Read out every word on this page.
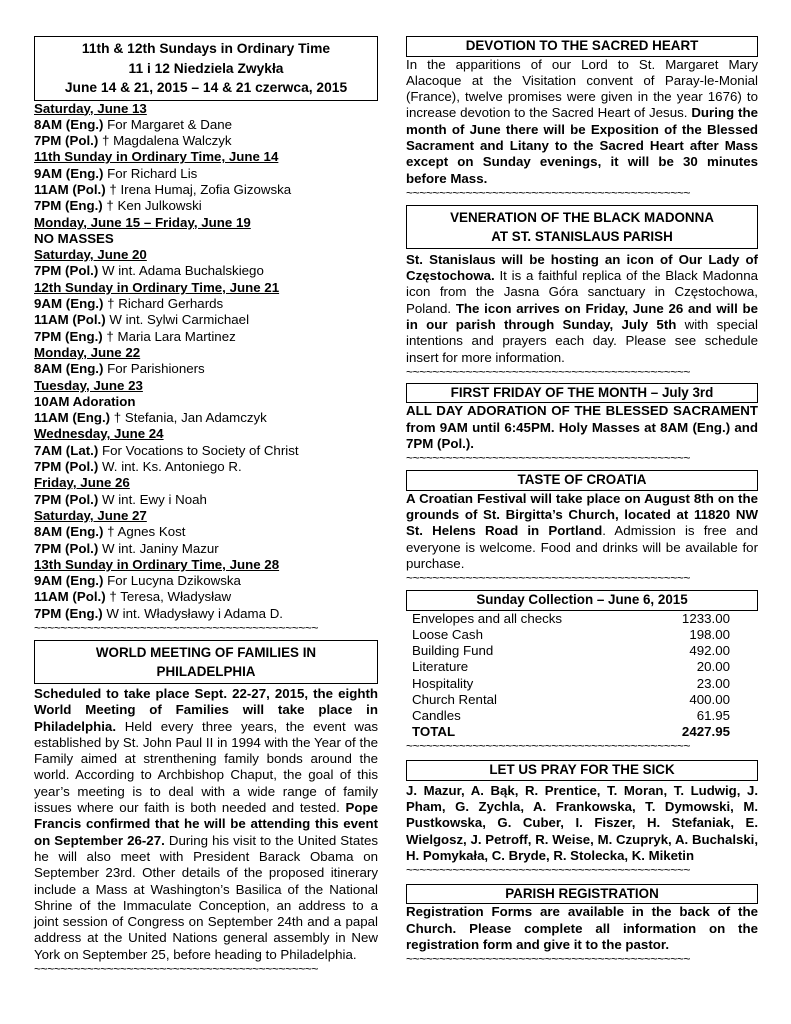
11th & 12th Sundays in Ordinary Time
11 i 12 Niedziela Zwykła
June 14 & 21, 2015 – 14 & 21 czerwca, 2015
Saturday, June 13
8AM (Eng.) For Margaret & Dane
7PM (Pol.) † Magdalena Walczyk
11th Sunday in Ordinary Time, June 14
9AM (Eng.) For Richard Lis
11AM (Pol.) † Irena Humaj, Zofia Gizowska
7PM (Eng.) † Ken Julkowski
Monday, June 15 – Friday, June 19
NO MASSES
Saturday, June 20
7PM (Pol.) W int. Adama Buchalskiego
12th Sunday in Ordinary Time, June 21
9AM (Eng.) † Richard Gerhards
11AM (Pol.) W int. Sylwi Carmichael
7PM (Eng.) † Maria Lara Martinez
Monday, June 22
8AM (Eng.) For Parishioners
Tuesday, June 23
10AM Adoration
11AM (Eng.) † Stefania, Jan Adamczyk
Wednesday, June 24
7AM (Lat.) For Vocations to Society of Christ
7PM (Pol.) W. int. Ks. Antoniego R.
Friday, June 26
7PM (Pol.) W int. Ewy i Noah
Saturday, June 27
8AM (Eng.) † Agnes Kost
7PM (Pol.) W int. Janiny Mazur
13th Sunday in Ordinary Time, June 28
9AM (Eng.) For Lucyna Dzikowska
11AM (Pol.) † Teresa, Władysław
7PM (Eng.) W int. Władysławy i Adama D.
~~~~~~~~~~~~~~~~~~~~~~~~~~~~~~~~~~~~~~~~~~~
WORLD MEETING OF FAMILIES IN
PHILADELPHIA

Scheduled to take place Sept. 22-27, 2015, the eighth World Meeting of Families will take place in Philadelphia. Held every three years, the event was established by St. John Paul II in 1994 with the Year of the Family aimed at strenthening family bonds around the world. According to Archbishop Chaput, the goal of this year’s meeting is to deal with a wide range of family issues where our faith is both needed and tested. Pope Francis confirmed that he will be attending this event on September 26-27. During his visit to the United States he will also meet with President Barack Obama on September 23rd. Other details of the proposed itinerary include a Mass at Washington’s Basilica of the National Shrine of the Immaculate Conception, an address to a joint session of Congress on September 24th and a papal address at the United Nations general assembly in New York on September 25, before heading to Philadelphia.

~~~~~~~~~~~~~~~~~~~~~~~~~~~~~~~~~~~~~~~~~~~
DEVOTION TO THE SACRED HEART

In the apparitions of our Lord to St. Margaret Mary Alacoque at the Visitation convent of Paray-le-Monial (France), twelve promises were given in the year 1676) to increase devotion to the Sacred Heart of Jesus. During the month of June there will be Exposition of the Blessed Sacrament and Litany to the Sacred Heart after Mass except on Sunday evenings, it will be 30 minutes before Mass.

~~~~~~~~~~~~~~~~~~~~~~~~~~~~~~~~~~~~~~~~~~~
VENERATION OF THE BLACK MADONNA
AT ST. STANISLAUS PARISH

St. Stanislaus will be hosting an icon of Our Lady of Częstochowa. It is a faithful replica of the Black Madonna icon from the Jasna Góra sanctuary in Częstochowa, Poland. The icon arrives on Friday, June 26 and will be in our parish through Sunday, July 5th with special intentions and prayers each day. Please see schedule insert for more information.

~~~~~~~~~~~~~~~~~~~~~~~~~~~~~~~~~~~~~~~~~~~
FIRST FRIDAY OF THE MONTH – July 3rd

ALL DAY ADORATION OF THE BLESSED SACRAMENT from 9AM until 6:45PM. Holy Masses at 8AM (Eng.) and 7PM (Pol.).

~~~~~~~~~~~~~~~~~~~~~~~~~~~~~~~~~~~~~~~~~~~
TASTE OF CROATIA

A Croatian Festival will take place on August 8th on the grounds of St. Birgitta’s Church, located at 11820 NW St. Helens Road in Portland. Admission is free and everyone is welcome. Food and drinks will be available for purchase.

~~~~~~~~~~~~~~~~~~~~~~~~~~~~~~~~~~~~~~~~~~~
Sunday Collection – June 6, 2015
Envelopes and all checks	1233.00
Loose Cash	198.00
Building Fund	492.00
Literature	20.00
Hospitality	23.00
Church Rental	400.00
Candles	61.95
TOTAL	2427.95
~~~~~~~~~~~~~~~~~~~~~~~~~~~~~~~~~~~~~~~~~~~
LET US PRAY FOR THE SICK

J. Mazur, A. Bąk, R. Prentice, T. Moran, T. Ludwig, J. Pham, G. Zychla, A. Frankowska, T. Dymowski, M. Pustkowska, G. Cuber, I. Fiszer, H. Stefaniak, E. Wielgosz, J. Petroff, R. Weise, M. Czupryk, A. Buchalski, H. Pomykała, C. Bryde, R. Stolecka, K. Miketin

~~~~~~~~~~~~~~~~~~~~~~~~~~~~~~~~~~~~~~~~~~~
PARISH REGISTRATION

Registration Forms are available in the back of the Church. Please complete all information on the registration form and give it to the pastor.

~~~~~~~~~~~~~~~~~~~~~~~~~~~~~~~~~~~~~~~~~~~
